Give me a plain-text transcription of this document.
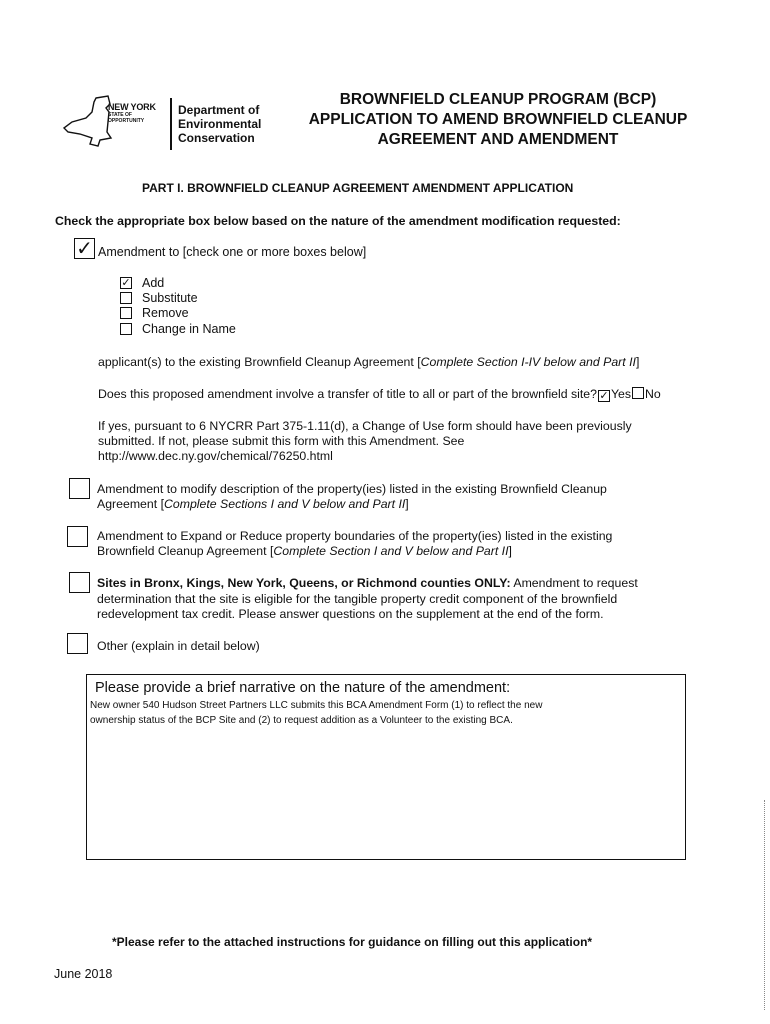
NEW YORK
STATE OF
OPPORTUNITY
Department of
Environmental
Conservation
BROWNFIELD CLEANUP PROGRAM (BCP)
APPLICATION TO AMEND BROWNFIELD CLEANUP
AGREEMENT AND AMENDMENT
PART I. BROWNFIELD CLEANUP AGREEMENT AMENDMENT APPLICATION
Check the appropriate box below based on the nature of the amendment modification requested:
✓ Amendment to [check one or more boxes below]
✓ Add
Substitute
Remove
Change in Name
applicant(s) to the existing Brownfield Cleanup Agreement [Complete Section I-IV below and Part II]
Does this proposed amendment involve a transfer of title to all or part of the brownfield site? ✓ Yes No
If yes, pursuant to 6 NYCRR Part 375-1.11(d), a Change of Use form should have been previously
submitted. If not, please submit this form with this Amendment. See
http://www.dec.ny.gov/chemical/76250.html
Amendment to modify description of the property(ies) listed in the existing Brownfield Cleanup
Agreement [Complete Sections I and V below and Part II]
Amendment to Expand or Reduce property boundaries of the property(ies) listed in the existing
Brownfield Cleanup Agreement [Complete Section I and V below and Part II]
Sites in Bronx, Kings, New York, Queens, or Richmond counties ONLY: Amendment to request
determination that the site is eligible for the tangible property credit component of the brownfield
redevelopment tax credit. Please answer questions on the supplement at the end of the form.
Other (explain in detail below)
Please provide a brief narrative on the nature of the amendment:
New owner 540 Hudson Street Partners LLC submits this BCA Amendment Form (1) to reflect the new
ownership status of the BCP Site and (2) to request addition as a Volunteer to the existing BCA.
*Please refer to the attached instructions for guidance on filling out this application*
June 2018
